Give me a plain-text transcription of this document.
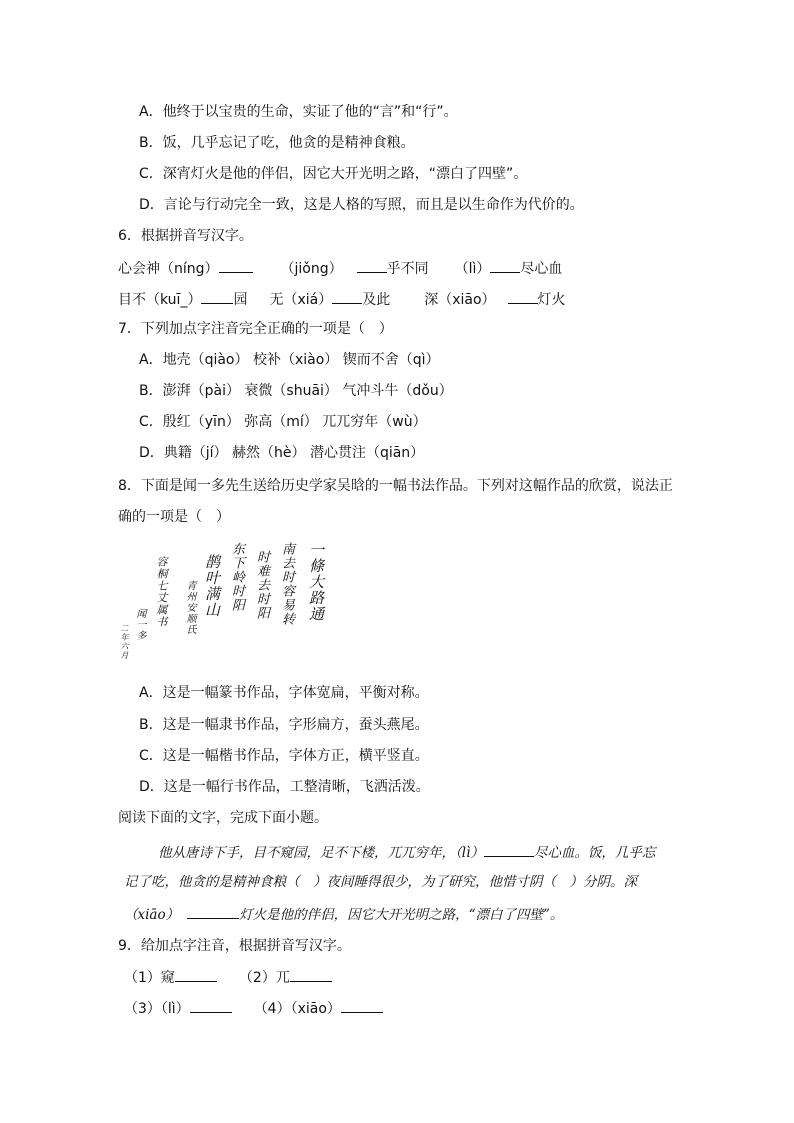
A．他终于以宝贵的生命，实证了他的“言”和“行”。
B．饭，几乎忘记了吃，他贪的是精神食粮。
C．深宵灯火是他的伴侣，因它大开光明之路，“漂白了四壁”。
D．言论与行动完全一致，这是人格的写照，而且是以生命作为代价的。
6．根据拼音写汉字。
心会神（níng）	（jiǒng）	乎不同 （lì） 尽心血
目不（kuī_） 园 无（xiá） 及此 深（xiāo）	灯火
7．下列加点字注音完全正确的一项是（　）
A．地壳（qiào） 校补（xiào） 锲而不舍（qì）
B．澎湃（pài） 衰微（shuāi） 气冲斗牛（dǒu）
C．殷红（yīn） 弥高（mí） 兀兀穷年（wù）
D．典籍（jí） 赫然（hè） 潜心贯注（qiān）
8．下面是闻一多先生送给历史学家吴晗的一幅书法作品。下列对这幅作品的欣赏，说法正
确的一项是（　）
一條大路通
南去时容易转
时难去时阳
东下岭时阳
鹊叶满山
青州安顺氏
容桐七丈属书
闻一多
二年六月
A．这是一幅篆书作品，字体宽扁，平衡对称。
B．这是一幅隶书作品，字形扁方，蚕头燕尾。
C．这是一幅楷书作品，字体方正，横平竖直。
D．这是一幅行书作品，工整清晰，飞洒活泼。
阅读下面的文字，完成下面小题。
他从唐诗下手，目不窥园，足不下楼，兀兀穷年，（lì）	尽心血。饭，几乎忘
记了吃，他贪的是精神食粮（　）夜间睡得很少，为了研究，他惜寸阴（　）分阴。深
（xiāo）	灯火是他的伴侣，因它大开光明之路，“漂白了四壁”。
9．给加点字注音，根据拼音写汉字。
（1）窥	（2）兀
（3）（lì）	（4）（xiāo）
